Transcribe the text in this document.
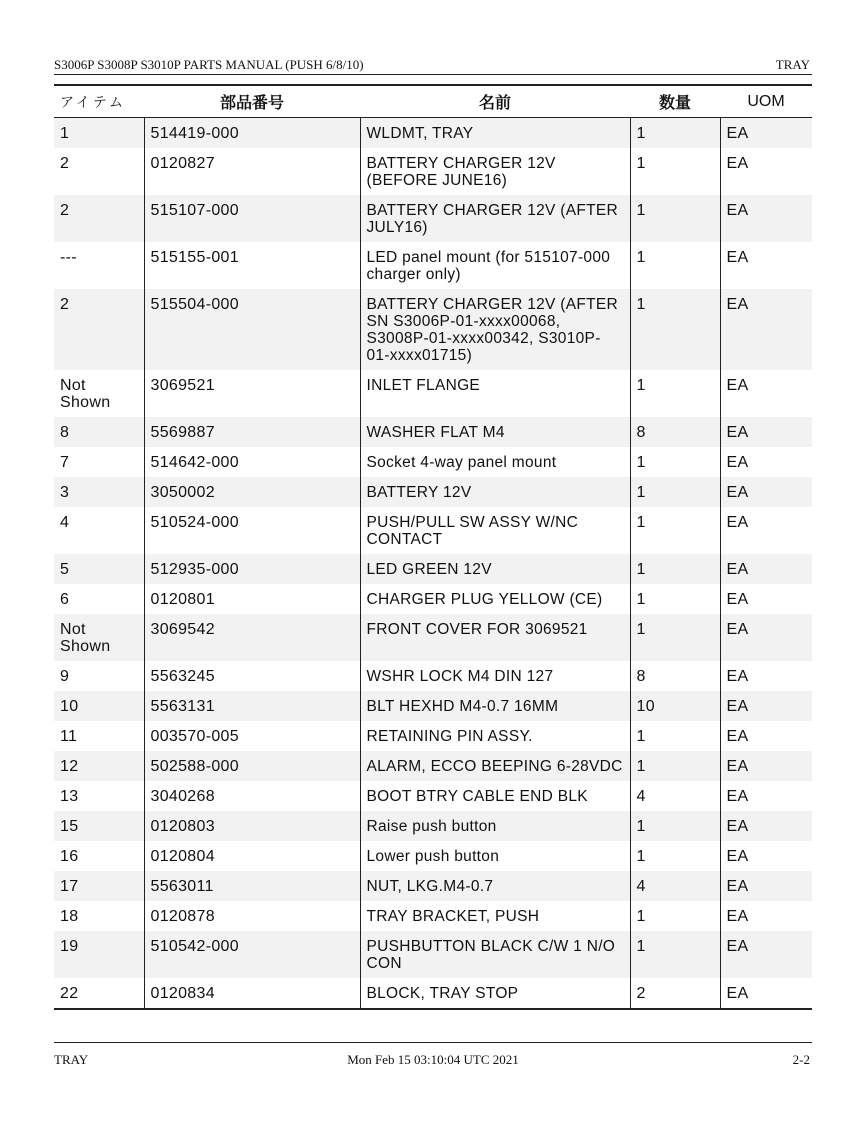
S3006P S3008P S3010P PARTS MANUAL (PUSH 6/8/10)	TRAY
アイテム	部品番号	名前	数量	UOM
1	514419-000	WLDMT, TRAY	1	EA
2	0120827	BATTERY CHARGER 12V (BEFORE JUNE16)	1	EA
2	515107-000	BATTERY CHARGER 12V (AFTER JULY16)	1	EA
---	515155-001	LED panel mount (for 515107-000 charger only)	1	EA
2	515504-000	BATTERY CHARGER 12V (AFTER SN S3006P-01-xxxx00068, S3008P-01-xxxx00342, S3010P-01-xxxx01715)	1	EA
Not Shown	3069521	INLET FLANGE	1	EA
8	5569887	WASHER FLAT M4	8	EA
7	514642-000	Socket 4-way panel mount	1	EA
3	3050002	BATTERY 12V	1	EA
4	510524-000	PUSH/PULL SW ASSY W/NC CONTACT	1	EA
5	512935-000	LED GREEN 12V	1	EA
6	0120801	CHARGER PLUG YELLOW (CE)	1	EA
Not Shown	3069542	FRONT COVER FOR 3069521	1	EA
9	5563245	WSHR LOCK M4 DIN 127	8	EA
10	5563131	BLT HEXHD M4-0.7 16MM	10	EA
11	003570-005	RETAINING PIN ASSY.	1	EA
12	502588-000	ALARM, ECCO BEEPING 6-28VDC	1	EA
13	3040268	BOOT BTRY CABLE END BLK	4	EA
15	0120803	Raise push button	1	EA
16	0120804	Lower push button	1	EA
17	5563011	NUT, LKG.M4-0.7	4	EA
18	0120878	TRAY BRACKET, PUSH	1	EA
19	510542-000	PUSHBUTTON BLACK C/W 1 N/O CON	1	EA
22	0120834	BLOCK, TRAY STOP	2	EA
TRAY	Mon Feb 15 03:10:04 UTC 2021	2-2
